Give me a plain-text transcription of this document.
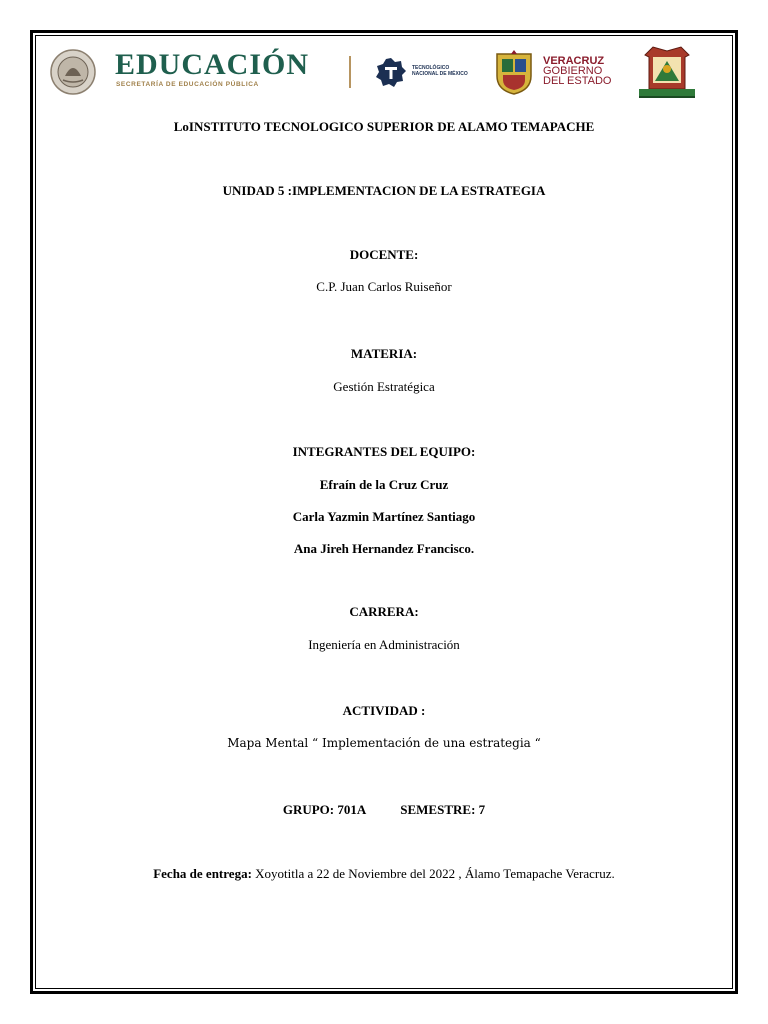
EDUCACIÓN
SECRETARÍA DE EDUCACIÓN PÚBLICA
TECNOLÓGICO
NACIONAL DE MÉXICO
VERACRUZ
GOBIERNO
DEL ESTADO
LoINSTITUTO TECNOLOGICO SUPERIOR DE ALAMO TEMAPACHE
UNIDAD 5 :IMPLEMENTACION DE LA ESTRATEGIA
DOCENTE:
C.P. Juan Carlos Ruiseñor
MATERIA:
Gestión Estratégica
INTEGRANTES DEL EQUIPO:
Efraín de la Cruz Cruz
Carla Yazmin Martínez Santiago
Ana Jireh Hernandez Francisco.
CARRERA:
Ingeniería en Administración
ACTIVIDAD :
Mapa Mental “ Implementación de una estrategia “
GRUPO: 701A	SEMESTRE: 7
Fecha de entrega: Xoyotitla a 22 de Noviembre del 2022 , Álamo Temapache Veracruz.
